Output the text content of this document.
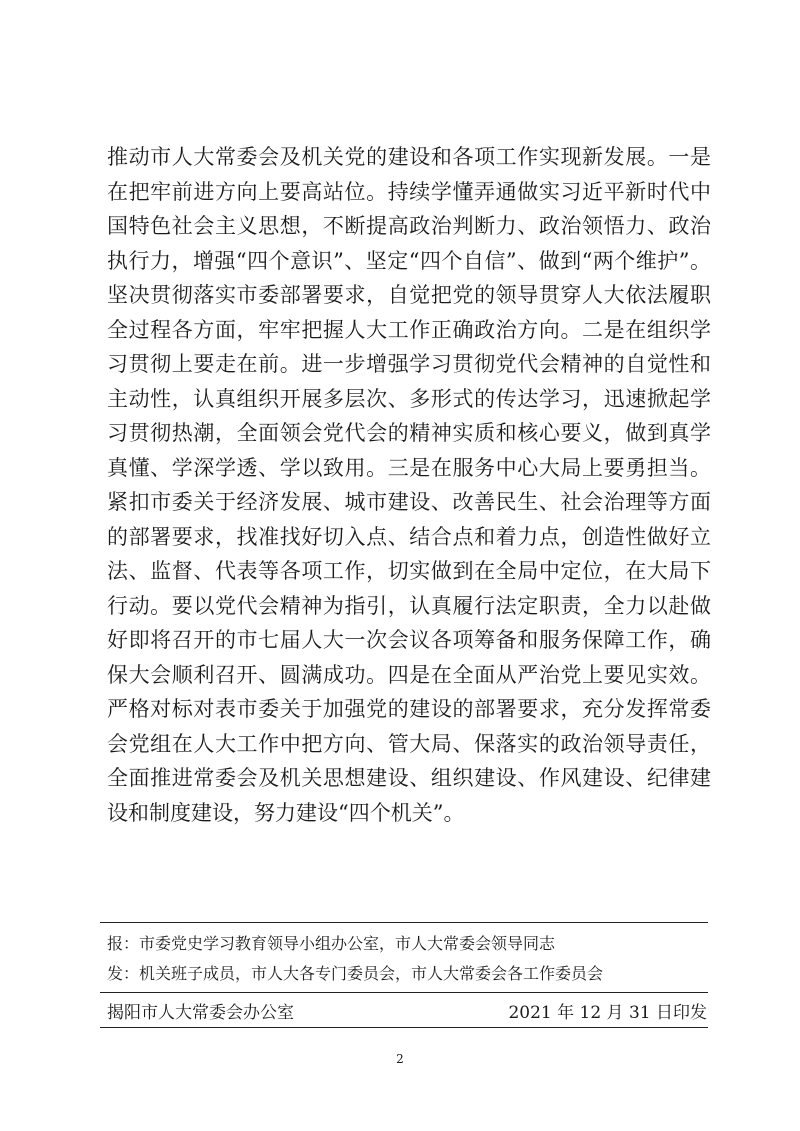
推动市人大常委会及机关党的建设和各项工作实现新发展。一是
在把牢前进方向上要高站位。持续学懂弄通做实习近平新时代中
国特色社会主义思想，不断提高政治判断力、政治领悟力、政治
执行力，增强“四个意识”、坚定“四个自信”、做到“两个维护”。
坚决贯彻落实市委部署要求，自觉把党的领导贯穿人大依法履职
全过程各方面，牢牢把握人大工作正确政治方向。二是在组织学
习贯彻上要走在前。进一步增强学习贯彻党代会精神的自觉性和
主动性，认真组织开展多层次、多形式的传达学习，迅速掀起学
习贯彻热潮，全面领会党代会的精神实质和核心要义，做到真学
真懂、学深学透、学以致用。三是在服务中心大局上要勇担当。
紧扣市委关于经济发展、城市建设、改善民生、社会治理等方面
的部署要求，找准找好切入点、结合点和着力点，创造性做好立
法、监督、代表等各项工作，切实做到在全局中定位，在大局下
行动。要以党代会精神为指引，认真履行法定职责，全力以赴做
好即将召开的市七届人大一次会议各项筹备和服务保障工作，确
保大会顺利召开、圆满成功。四是在全面从严治党上要见实效。
严格对标对表市委关于加强党的建设的部署要求，充分发挥常委
会党组在人大工作中把方向、管大局、保落实的政治领导责任，
全面推进常委会及机关思想建设、组织建设、作风建设、纪律建
设和制度建设，努力建设“四个机关”。
报： 市委党史学习教育领导小组办公室，市人大常委会领导同志
发： 机关班子成员，市人大各专门委员会，市人大常委会各工作委员会
揭阳市人大常委会办公室	2021 年 12 月 31 日印发
2
